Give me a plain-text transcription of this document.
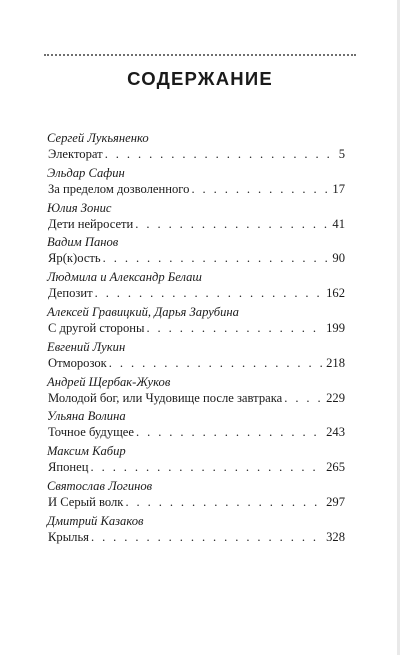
СОДЕРЖАНИЕ
Сергей Лукьяненко
Электорат . . .	5
Эльдар Сафин
За пределом дозволенного . . .	17
Юлия Зонис
Дети нейросети . . .	41
Вадим Панов
Яр(к)ость . . .	90
Людмила и Александр Белаш
Депозит . . .	162
Алексей Гравицкий, Дарья Зарубина
С другой стороны . . .	199
Евгений Лукин
Отморозок . . .	218
Андрей Щербак-Жуков
Молодой бог, или Чудовище после завтрака . . .	229
Ульяна Волина
Точное будущее . . .	243
Максим Кабир
Японец . . .	265
Святослав Логинов
И Серый волк . . .	297
Дмитрий Казаков
Крылья . . .	328
